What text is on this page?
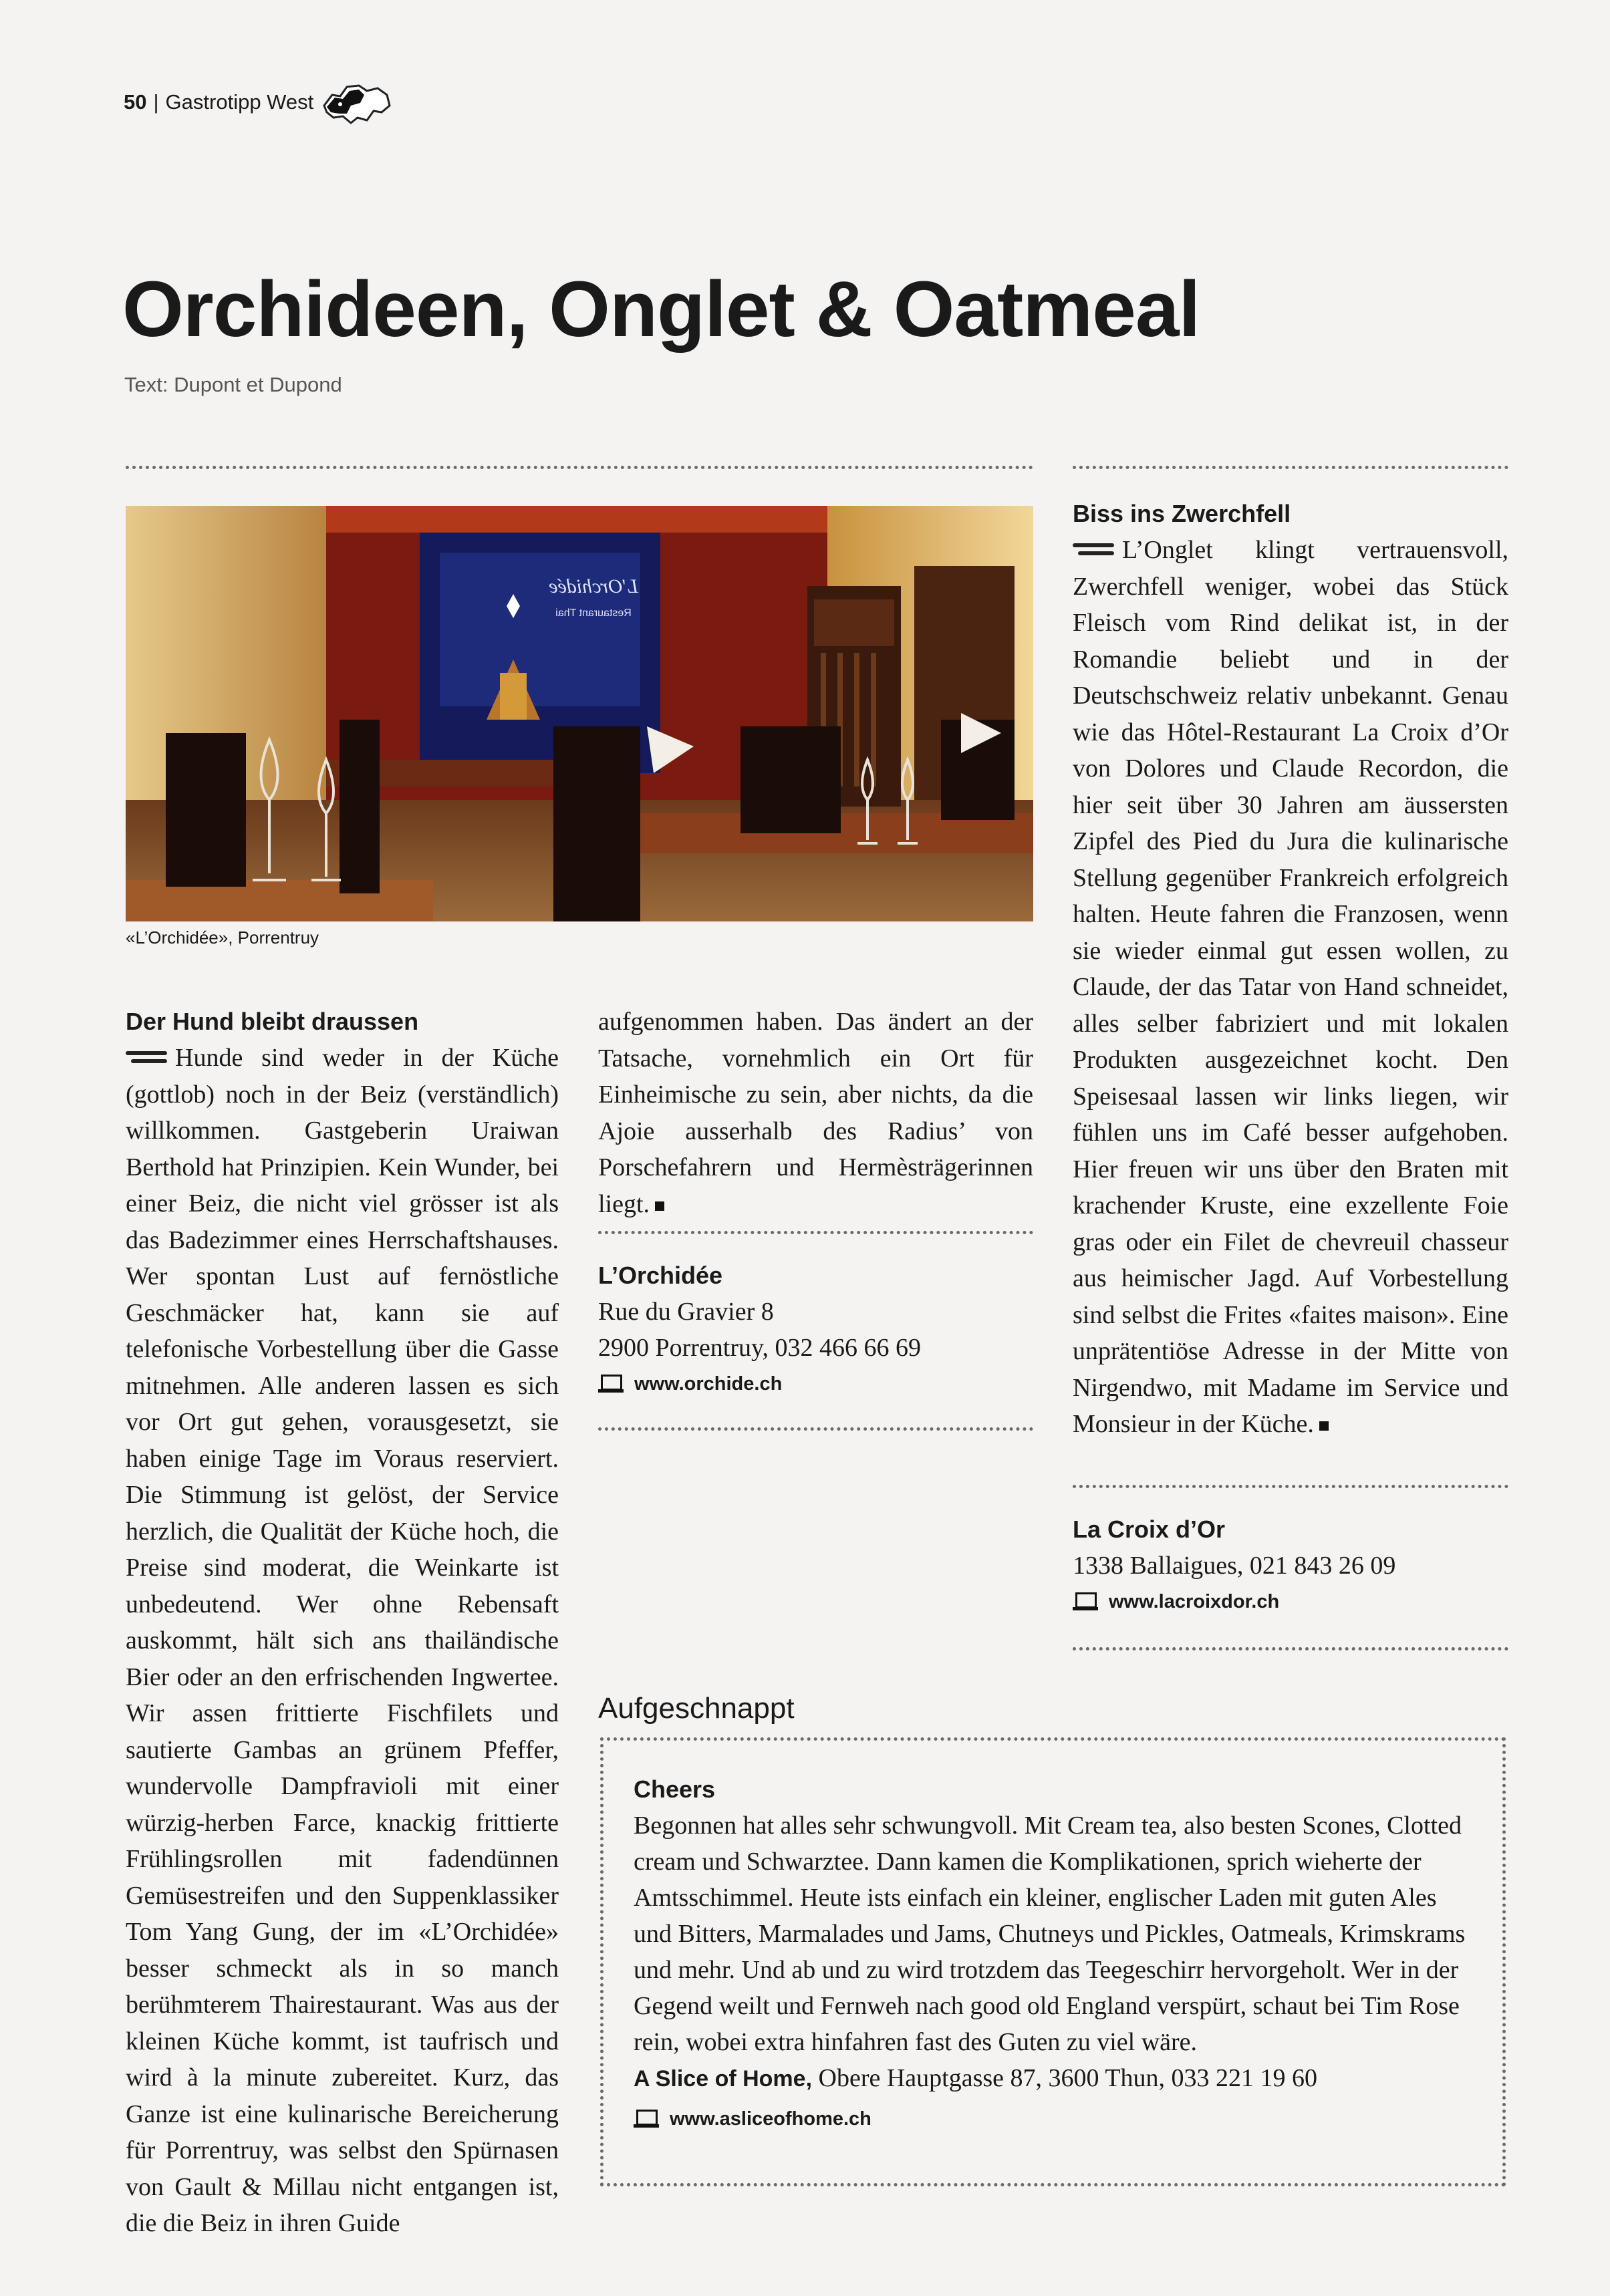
50 | Gastrotipp West
Orchideen, Onglet & Oatmeal
Text: Dupont et Dupond
L'Orchidée
Restaurant Thai
«L’Orchidée», Porrentruy
Der Hund bleibt draussen

Hunde sind weder in der Küche (gottlob) noch in der Beiz (verständlich) willkommen. Gastgeberin Uraiwan Berthold hat Prinzipien. Kein Wunder, bei einer Beiz, die nicht viel grösser ist als das Badezimmer eines Herrschaftshauses. Wer spontan Lust auf fernöstliche Geschmäcker hat, kann sie auf telefonische Vorbestellung über die Gasse mitnehmen. Alle anderen lassen es sich vor Ort gut gehen, vorausgesetzt, sie haben einige Tage im Voraus reserviert. Die Stimmung ist gelöst, der Service herzlich, die Qualität der Küche hoch, die Preise sind moderat, die Weinkarte ist unbedeutend. Wer ohne Rebensaft auskommt, hält sich ans thailändische Bier oder an den erfrischenden Ingwertee. Wir assen frittierte Fischfilets und sautierte Gambas an grünem Pfeffer, wundervolle Dampfravioli mit einer würzig-herben Farce, knackig frittierte Frühlingsrollen mit fadendünnen Gemüsestreifen und den Suppenklassiker Tom Yang Gung, der im «L’Orchidée» besser schmeckt als in so manch berühmterem Thairestaurant. Was aus der kleinen Küche kommt, ist taufrisch und wird à la minute zubereitet. Kurz, das Ganze ist eine kulinarische Bereicherung für Porrentruy, was selbst den Spürnasen von Gault & Millau nicht entgangen ist, die die Beiz in ihren Guide

aufgenommen haben. Das ändert an der Tatsache, vornehmlich ein Ort für Einheimische zu sein, aber nichts, da die Ajoie ausserhalb des Radius’ von Porschefahrern und Hermèsträgerinnen liegt.

L’Orchidée
Rue du Gravier 8
2900 Porrentruy, 032 466 66 69
www.orchide.ch
Biss ins Zwerchfell

L’Onglet klingt vertrauensvoll, Zwerchfell weniger, wobei das Stück Fleisch vom Rind delikat ist, in der Romandie beliebt und in der Deutschschweiz relativ unbekannt. Genau wie das Hôtel-Restaurant La Croix d’Or von Dolores und Claude Recordon, die hier seit über 30 Jahren am äussersten Zipfel des Pied du Jura die kulinarische Stellung gegenüber Frankreich erfolgreich halten. Heute fahren die Franzosen, wenn sie wieder einmal gut essen wollen, zu Claude, der das Tatar von Hand schneidet, alles selber fabriziert und mit lokalen Produkten ausgezeichnet kocht. Den Speisesaal lassen wir links liegen, wir fühlen uns im Café besser aufgehoben. Hier freuen wir uns über den Braten mit krachender Kruste, eine exzellente Foie gras oder ein Filet de chevreuil chasseur aus heimischer Jagd. Auf Vorbestellung sind selbst die Frites «faites maison». Eine unprätentiöse Adresse in der Mitte von Nirgendwo, mit Madame im Service und Monsieur in der Küche.

La Croix d’Or
1338 Ballaigues, 021 843 26 09
www.lacroixdor.ch
Aufgeschnappt
Cheers

Begonnen hat alles sehr schwungvoll. Mit Cream tea, also besten Scones, Clotted cream und Schwarztee. Dann kamen die Komplikationen, sprich wieherte der Amtsschimmel. Heute ists einfach ein kleiner, englischer Laden mit guten Ales und Bitters, Marmalades und Jams, Chutneys und Pickles, Oatmeals, Krimskrams und mehr. Und ab und zu wird trotzdem das Teegeschirr hervorgeholt. Wer in der Gegend weilt und Fernweh nach good old England verspürt, schaut bei Tim Rose rein, wobei extra hinfahren fast des Guten zu viel wäre.

A Slice of Home, Obere Hauptgasse 87, 3600 Thun, 033 221 19 60

www.asliceofhome.ch
